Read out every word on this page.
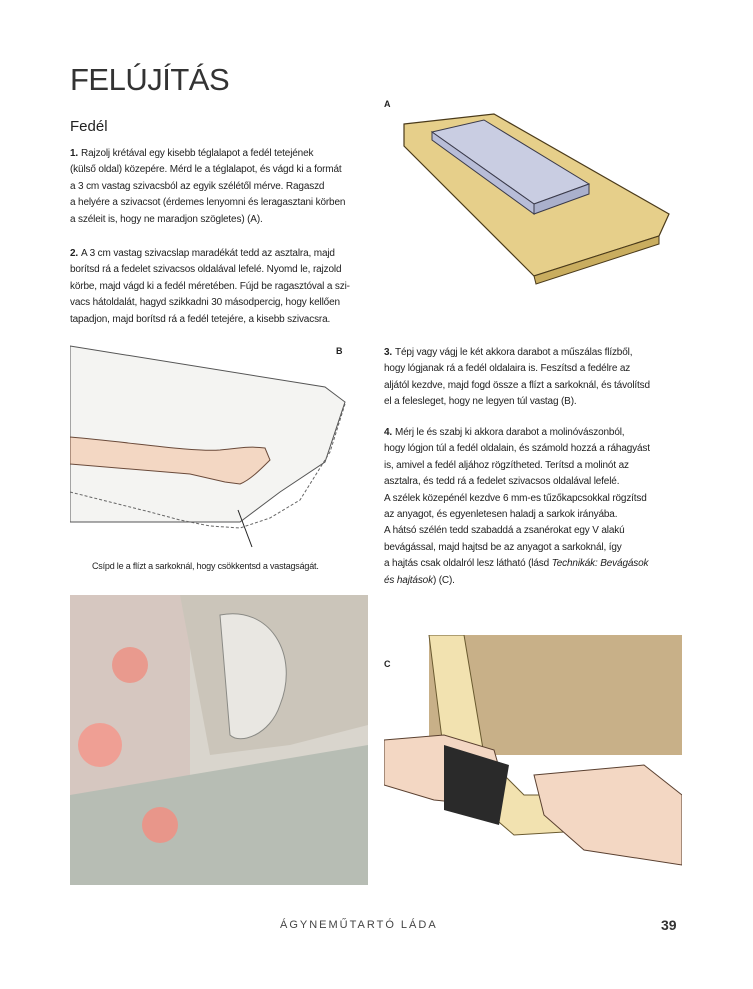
FELÚJÍTÁS
Fedél
1. Rajzolj krétával egy kisebb téglalapot a fedél tetejének
(külső oldal) közepére. Mérd le a téglalapot, és vágd ki a formát
a 3 cm vastag szivacsból az egyik szélétől mérve. Ragaszd
a helyére a szivacsot (érdemes lenyomni és leragasztani körben
a széleit is, hogy ne maradjon szögletes) (A).
2. A 3 cm vastag szivacslap maradékát tedd az asztalra, majd
borítsd rá a fedelet szivacsos oldalával lefelé. Nyomd le, rajzold
körbe, majd vágd ki a fedél méretében. Fújd be ragasztóval a szi-
vacs hátoldalát, hagyd szikkadni 30 másodpercig, hogy kellően
tapadjon, majd borítsd rá a fedél tetejére, a kisebb szivacsra.
3. Tépj vagy vágj le két akkora darabot a műszálas flízből,
hogy lógjanak rá a fedél oldalaira is. Feszítsd a fedélre az
aljától kezdve, majd fogd össze a flízt a sarkoknál, és távolítsd
el a felesleget, hogy ne legyen túl vastag (B).
4. Mérj le és szabj ki akkora darabot a molinóvászonból,
hogy lógjon túl a fedél oldalain, és számold hozzá a ráhagyást
is, amivel a fedél aljához rögzítheted. Terítsd a molinót az
asztalra, és tedd rá a fedelet szivacsos oldalával lefelé.
A szélek közepénél kezdve 6 mm-es tűzőkapcsokkal rögzítsd
az anyagot, és egyenletesen haladj a sarkok irányába.
A hátsó szélén tedd szabaddá a zsanérokat egy V alakú
bevágással, majd hajtsd be az anyagot a sarkoknál, így
a hajtás csak oldalról lesz látható (lásd Technikák: Bevágások
és hajtások) (C).
A
B
Csípd le a flízt a sarkoknál, hogy csökkentsd a vastagságát.
C
ÁGYNEMŰTARTÓ LÁDA	39
